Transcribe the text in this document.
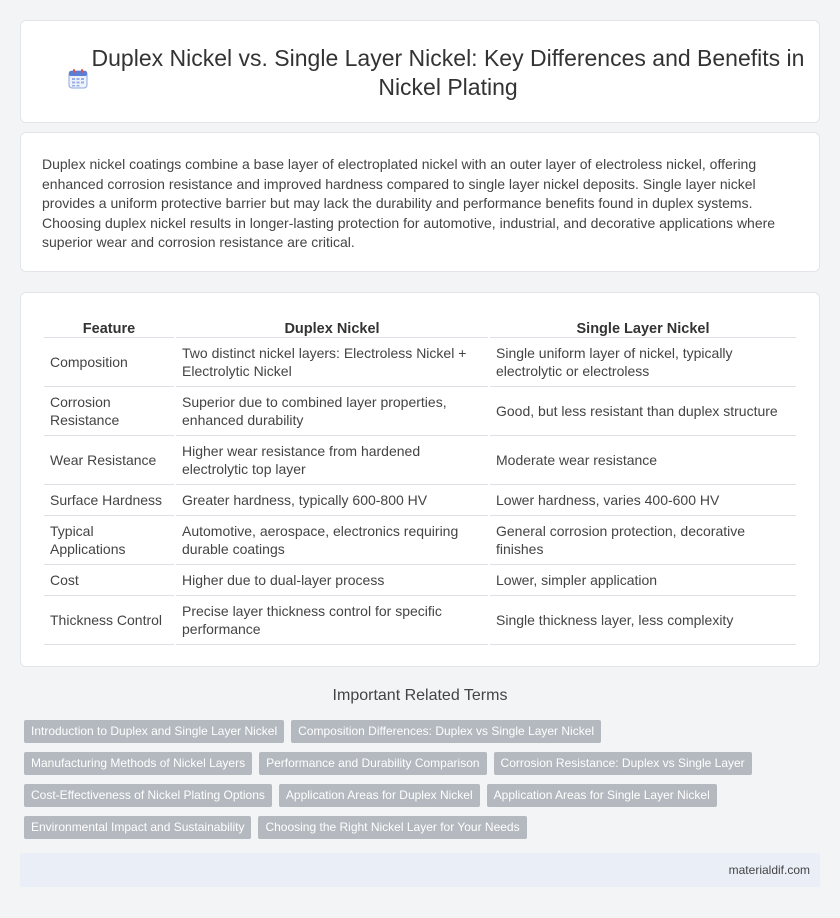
Duplex Nickel vs. Single Layer Nickel: Key Differences and Benefits in Nickel Plating

Duplex nickel coatings combine a base layer of electroplated nickel with an outer layer of electroless nickel, offering enhanced corrosion resistance and improved hardness compared to single layer nickel deposits. Single layer nickel provides a uniform protective barrier but may lack the durability and performance benefits found in duplex systems. Choosing duplex nickel results in longer-lasting protection for automotive, industrial, and decorative applications where superior wear and corrosion resistance are critical.

Feature	Duplex Nickel	Single Layer Nickel
Composition	Two distinct nickel layers: Electroless Nickel + Electrolytic Nickel	Single uniform layer of nickel, typically electrolytic or electroless
Corrosion Resistance	Superior due to combined layer properties, enhanced durability	Good, but less resistant than duplex structure
Wear Resistance	Higher wear resistance from hardened electrolytic top layer	Moderate wear resistance
Surface Hardness	Greater hardness, typically 600-800 HV	Lower hardness, varies 400-600 HV
Typical Applications	Automotive, aerospace, electronics requiring durable coatings	General corrosion protection, decorative finishes
Cost	Higher due to dual-layer process	Lower, simpler application
Thickness Control	Precise layer thickness control for specific performance	Single thickness layer, less complexity
Important Related Terms
Introduction to Duplex and Single Layer Nickel	Composition Differences: Duplex vs Single Layer Nickel
Manufacturing Methods of Nickel Layers	Performance and Durability Comparison	Corrosion Resistance: Duplex vs Single Layer
Cost-Effectiveness of Nickel Plating Options	Application Areas for Duplex Nickel	Application Areas for Single Layer Nickel
Environmental Impact and Sustainability	Choosing the Right Nickel Layer for Your Needs
materialdif.com
